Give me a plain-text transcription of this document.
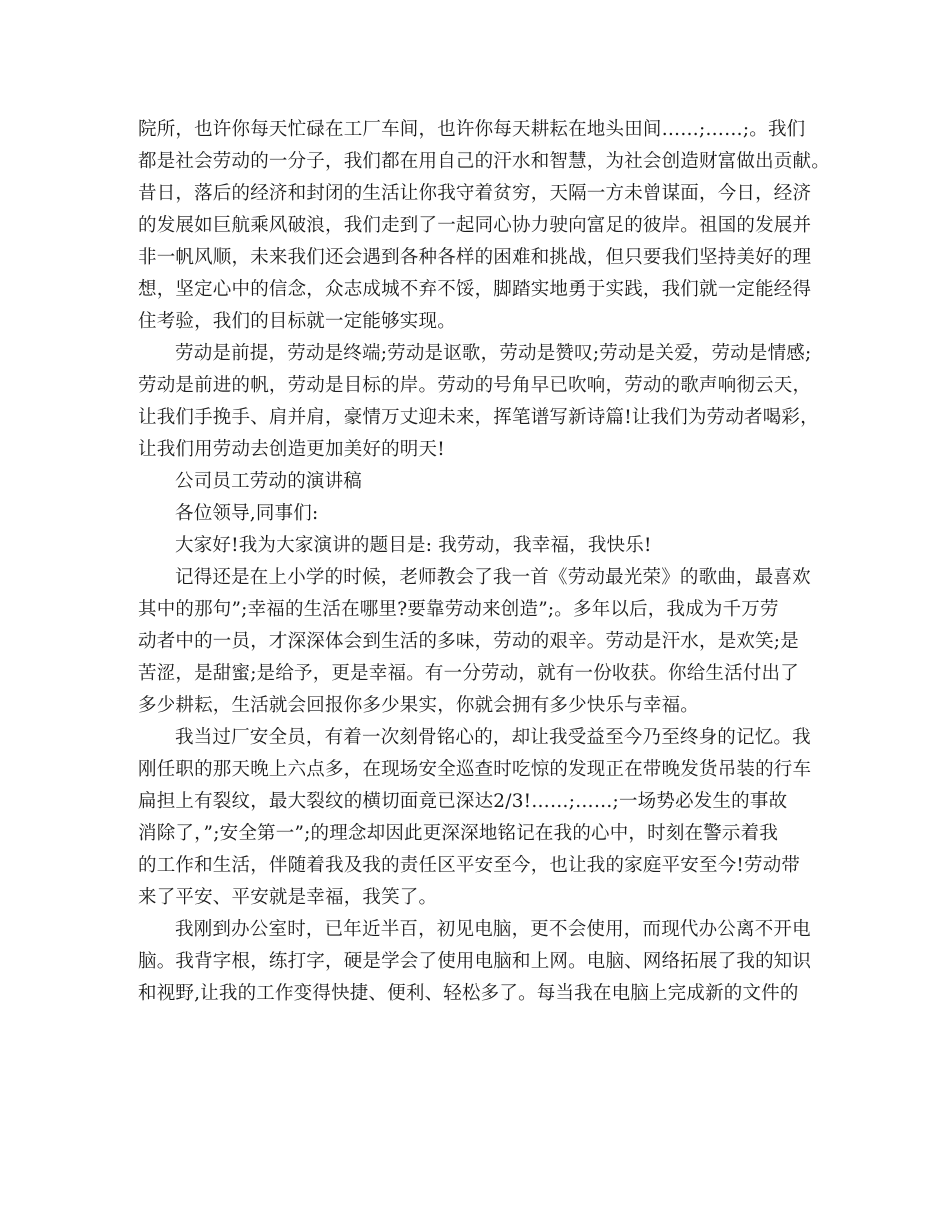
院所，也许你每天忙碌在工厂车间，也许你每天耕耘在地头田间……;……;。我们
都是社会劳动的一分子，我们都在用自己的汗水和智慧，为社会创造财富做出贡献。
昔日，落后的经济和封闭的生活让你我守着贫穷，天隔一方未曾谋面，今日，经济
的发展如巨航乘风破浪，我们走到了一起同心协力驶向富足的彼岸。祖国的发展并
非一帆风顺，未来我们还会遇到各种各样的困难和挑战，但只要我们坚持美好的理
想，坚定心中的信念，众志成城不弃不馁，脚踏实地勇于实践，我们就一定能经得
住考验，我们的目标就一定能够实现。
劳动是前提，劳动是终端;劳动是讴歌，劳动是赞叹;劳动是关爱，劳动是情感;
劳动是前进的帆，劳动是目标的岸。劳动的号角早已吹响，劳动的歌声响彻云天，
让我们手挽手、肩并肩，豪情万丈迎未来，挥笔谱写新诗篇!让我们为劳动者喝彩，
让我们用劳动去创造更加美好的明天!
公司员工劳动的演讲稿
各位领导,同事们:
大家好!我为大家演讲的题目是: 我劳动，我幸福，我快乐!
记得还是在上小学的时候，老师教会了我一首《劳动最光荣》的歌曲，最喜欢
其中的那句”;幸福的生活在哪里?要靠劳动来创造”;。多年以后，我成为千万劳
动者中的一员，才深深体会到生活的多味，劳动的艰辛。劳动是汗水，是欢笑;是
苦涩，是甜蜜;是给予，更是幸福。有一分劳动，就有一份收获。你给生活付出了
多少耕耘，生活就会回报你多少果实，你就会拥有多少快乐与幸福。
我当过厂安全员，有着一次刻骨铭心的，却让我受益至今乃至终身的记忆。我
刚任职的那天晚上六点多，在现场安全巡查时吃惊的发现正在带晚发货吊装的行车
扁担上有裂纹，最大裂纹的横切面竟已深达2/3!……;……;一场势必发生的事故
消除了，”;安全第一”;的理念却因此更深深地铭记在我的心中，时刻在警示着我
的工作和生活，伴随着我及我的责任区平安至今，也让我的家庭平安至今!劳动带
来了平安、平安就是幸福，我笑了。
我刚到办公室时，已年近半百，初见电脑，更不会使用，而现代办公离不开电
脑。我背字根，练打字，硬是学会了使用电脑和上网。电脑、网络拓展了我的知识
和视野,让我的工作变得快捷、便利、轻松多了。每当我在电脑上完成新的文件的
